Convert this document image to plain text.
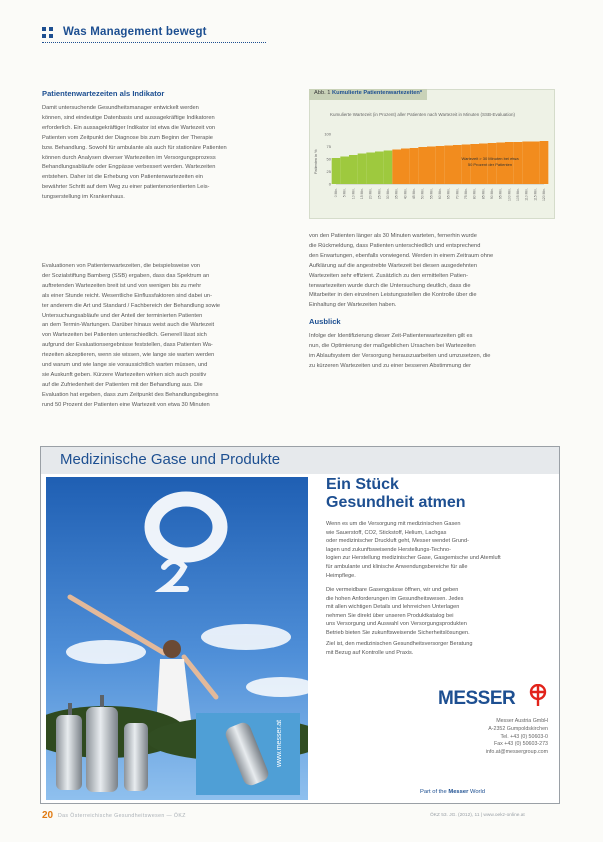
Was Management bewegt
Patientenwartezeiten als Indikator
Damit untersuchende Gesundheitsmanager entwickelt werden
können, sind eindeutige Datenbasis und aussagekräftige Indikatoren
erforderlich. Ein aussagekräftiger Indikator ist etwa die Wartezeit von
Patienten vom Zeitpunkt der Diagnose bis zum Beginn der Therapie
bzw. Behandlung. Sowohl für ambulante als auch für stationäre Patienten
können durch Analysen diverser Wartezeiten im Versorgungsprozess
Behandlungsabläufe oder Engpässe verbessert werden. Wartezeiten
entstehen. Daher ist die Erhebung von Patientenwartezeiten ein
bewährter Schritt auf dem Weg zu einer patientenorientierten Leis-
tungserstellung im Krankenhaus.
Evaluationen von Patientenwartezeiten, die beispielsweise von
der Sozialstiftung Bamberg (SSB) ergaben, dass das Spektrum an
auftretenden Wartezeiten breit ist und von wenigen bis zu mehr
als einer Stunde reicht. Wesentliche Einflussfaktoren sind dabei un-
ter anderem die Art und Standard / Fachbereich der Behandlung sowie
Untersuchungsabläufe und der Anteil der terminierten Patienten
an dem Termin-Wartungen. Darüber hinaus weist auch die Wartezeit
von Wartezeiten bei Patienten unterschiedlich. Generell lässt sich
aufgrund der Evaluationsergebnisse feststellen, dass Patienten Wa-
rtezeiten akzeptieren, wenn sie wissen, wie lange sie warten werden
und warum und wie lange sie voraussichtlich warten müssen, und
sie Auskunft geben. Kürzere Wartezeiten wirken sich auch positiv
auf die Zufriedenheit der Patienten mit der Behandlung aus. Die
Evaluation hat ergeben, dass zum Zeitpunkt des Behandlungsbeginns
rund 50 Prozent der Patienten eine Wartezeit von etwa 30 Minuten
Abb. 1 Kumulierte Patientenwartezeiten*
Kumulierte Wartezeit (in Prozent) aller Patienten nach Wartezeit in Minuten (SSB-Evaluation)
Patienten in %
0
25
50
75
100
0 Min. 5 Min. 10 Min. 15 Min. 20 Min. 25 Min. 30 Min. 35 Min. 40 Min. 45 Min. 50 Min. 55 Min. 60 Min. 65 Min. 70 Min. 75 Min. 80 Min. 85 Min. 90 Min. 95 Min. 100 Min. 105 Min. 110 Min. 115 Min. 120 Min.
Wartezeit > 30 Minuten bei etwa
50 Prozent der Patienten
von den Patienten länger als 30 Minuten warteten, fernerhin wurde
die Rückmeldung, dass Patienten unterschiedlich und entsprechend
den Erwartungen, ebenfalls vorwiegend. Werden in einem Zeitraum ohne
Aufklärung auf die angestrebte Wartezeit bei diesen ausgedehnten
Wartezeiten sehr effizient. Zusätzlich zu den ermittelten Patien-
tenwartezeiten wurde durch die Untersuchung deutlich, dass die
Mitarbeiter in den einzelnen Leistungsstellen die Kontrolle über die
Einhaltung der Wartezeiten haben.
Ausblick
Infolge der Identifizierung dieser Zeit-Patientenwartezeiten gilt es
nun, die Optimierung der maßgeblichen Ursachen bei Wartezeiten
im Ablaufsystem der Versorgung herauszuarbeiten und umzusetzen, die
zu kürzeren Wartezeiten und zu einer besseren Abstimmung der
Medizinische Gase und Produkte
www.messer.at
Ein Stück
Gesundheit atmen
Wenn es um die Versorgung mit medizinischen Gasen
wie Sauerstoff, CO2, Stickstoff, Helium, Lachgas
oder medizinischer Druckluft geht, Messer wendet Grund-
lagen und zukunftsweisende Herstellungs-Techno-
logien zur Herstellung medizinischer Gase, Gasgemische und Atemluft
für ambulante und klinische Anwendungsbereiche für alle
Heimpflege.
Die vermeidbare Gasengpässe öffnen, wir und geben
die hohen Anforderungen im Gesundheitswesen. Jedes
mit allen wichtigen Details und lehrreichen Unterlagen
nehmen Sie direkt über unseren Produktkatalog bei
uns Versorgung und Auswahl von Versorgungsprodukten
Betrieb bieten Sie zukunftsweisende Sicherheitslösungen.
Ziel ist, den medizinischen Gesundheitsversorger Beratung
mit Bezug auf Kontrolle und Praxis.
MESSER
Messer Austria GmbH
A-2352 Gumpoldskirchen
Tel. +43 (0) 50603-0
Fax +43 (0) 50603-273
info.at@messergroup.com
Part of the Messer World
20 Das Österreichische Gesundheitswesen — ÖKZ	ÖKZ 53. JG. (2012), 11 | www.oekz-online.at
